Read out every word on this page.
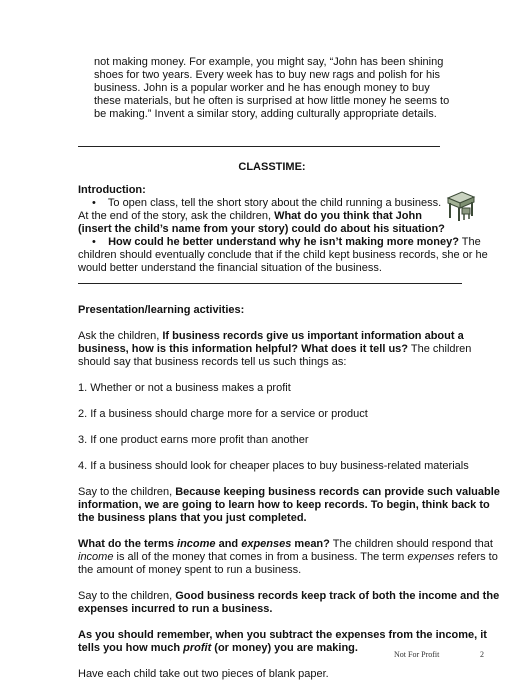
not making money. For example, you might say, “John has been shining

shoes for two years. Every week has to buy new rags and polish for his

business. John is a popular worker and he has enough money to buy

these materials, but he often is surprised at how little money he seems to

be making.” Invent a similar story, adding culturally appropriate details.

CLASSTIME:

Introduction:

• To open class, tell the short story about the child running a business.

At the end of the story, ask the children, What do you think that John

(insert the child’s name from your story) could do about his situation?

• How could he better understand why he isn’t making more money? The

children should eventually conclude that if the child kept business records, she or he

would better understand the financial situation of the business.

Presentation/learning activities:

Ask the children, If business records give us important information about a

business, how is this information helpful? What does it tell us? The children

should say that business records tell us such things as:

1. Whether or not a business makes a profit

2. If a business should charge more for a service or product

3. If one product earns more profit than another

4. If a business should look for cheaper places to buy business-related materials

Say to the children, Because keeping business records can provide such valuable

information, we are going to learn how to keep records. To begin, think back to

the business plans that you just completed.

What do the terms income and expenses mean? The children should respond that

income is all of the money that comes in from a business. The term expenses refers to

the amount of money spent to run a business.

Say to the children, Good business records keep track of both the income and the

expenses incurred to run a business.

As you should remember, when you subtract the expenses from the income, it

tells you how much profit (or money) you are making.

Have each child take out two pieces of blank paper.

Not For Profit	2
